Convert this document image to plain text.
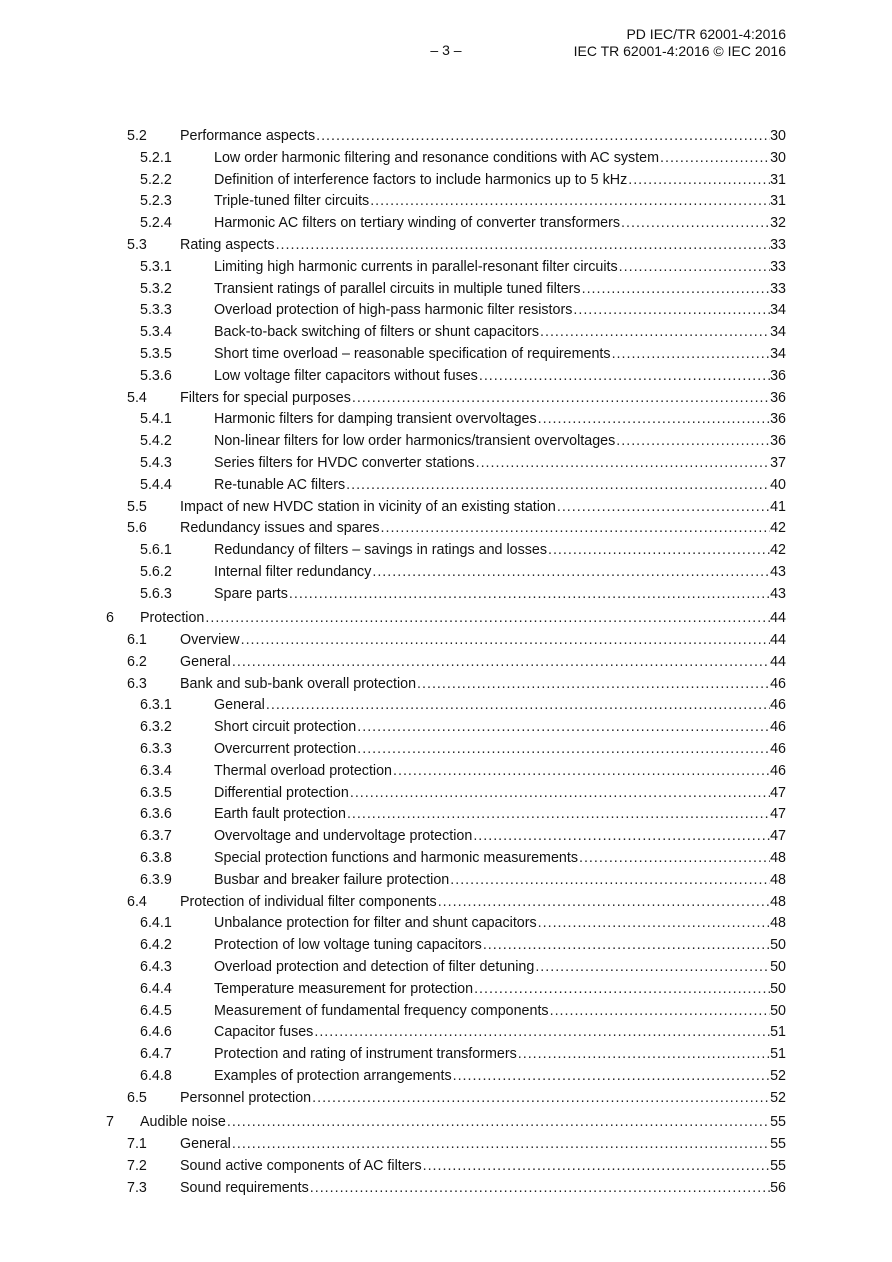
– 3 –
PD IEC/TR 62001-4:2016
IEC TR 62001-4:2016 © IEC 2016
5.2 Performance aspects .....	30
5.2.1	Low order harmonic filtering and resonance conditions with AC system .....	30
5.2.2	Definition of interference factors to include harmonics up to 5 kHz .....	31
5.2.3	Triple-tuned filter circuits .....	31
5.2.4	Harmonic AC filters on tertiary winding of converter transformers .....	32
5.3 Rating aspects .....	33
5.3.1	Limiting high harmonic currents in parallel-resonant filter circuits .....	33
5.3.2	Transient ratings of parallel circuits in multiple tuned filters .....	33
5.3.3	Overload protection of high-pass harmonic filter resistors .....	34
5.3.4	Back-to-back switching of filters or shunt capacitors .....	34
5.3.5	Short time overload – reasonable specification of requirements .....	34
5.3.6	Low voltage filter capacitors without fuses .....	36
5.4 Filters for special purposes .....	36
5.4.1	Harmonic filters for damping transient overvoltages .....	36
5.4.2	Non-linear filters for low order harmonics/transient overvoltages .....	36
5.4.3	Series filters for HVDC converter stations .....	37
5.4.4	Re-tunable AC filters .....	40
5.5 Impact of new HVDC station in vicinity of an existing station .....	41
5.6 Redundancy issues and spares .....	42
5.6.1	Redundancy of filters – savings in ratings and losses .....	42
5.6.2	Internal filter redundancy .....	43
5.6.3	Spare parts .....	43
6 Protection .....	44
6.1 Overview .....	44
6.2 General .....	44
6.3 Bank and sub-bank overall protection .....	46
6.3.1	General .....	46
6.3.2	Short circuit protection .....	46
6.3.3	Overcurrent protection .....	46
6.3.4	Thermal overload protection .....	46
6.3.5	Differential protection .....	47
6.3.6	Earth fault protection .....	47
6.3.7	Overvoltage and undervoltage protection .....	47
6.3.8	Special protection functions and harmonic measurements .....	48
6.3.9	Busbar and breaker failure protection .....	48
6.4 Protection of individual filter components .....	48
6.4.1	Unbalance protection for filter and shunt capacitors .....	48
6.4.2	Protection of low voltage tuning capacitors .....	50
6.4.3	Overload protection and detection of filter detuning .....	50
6.4.4	Temperature measurement for protection .....	50
6.4.5	Measurement of fundamental frequency components .....	50
6.4.6	Capacitor fuses .....	51
6.4.7	Protection and rating of instrument transformers .....	51
6.4.8	Examples of protection arrangements .....	52
6.5 Personnel protection .....	52
7 Audible noise .....	55
7.1 General .....	55
7.2 Sound active components of AC filters .....	55
7.3 Sound requirements .....	56
